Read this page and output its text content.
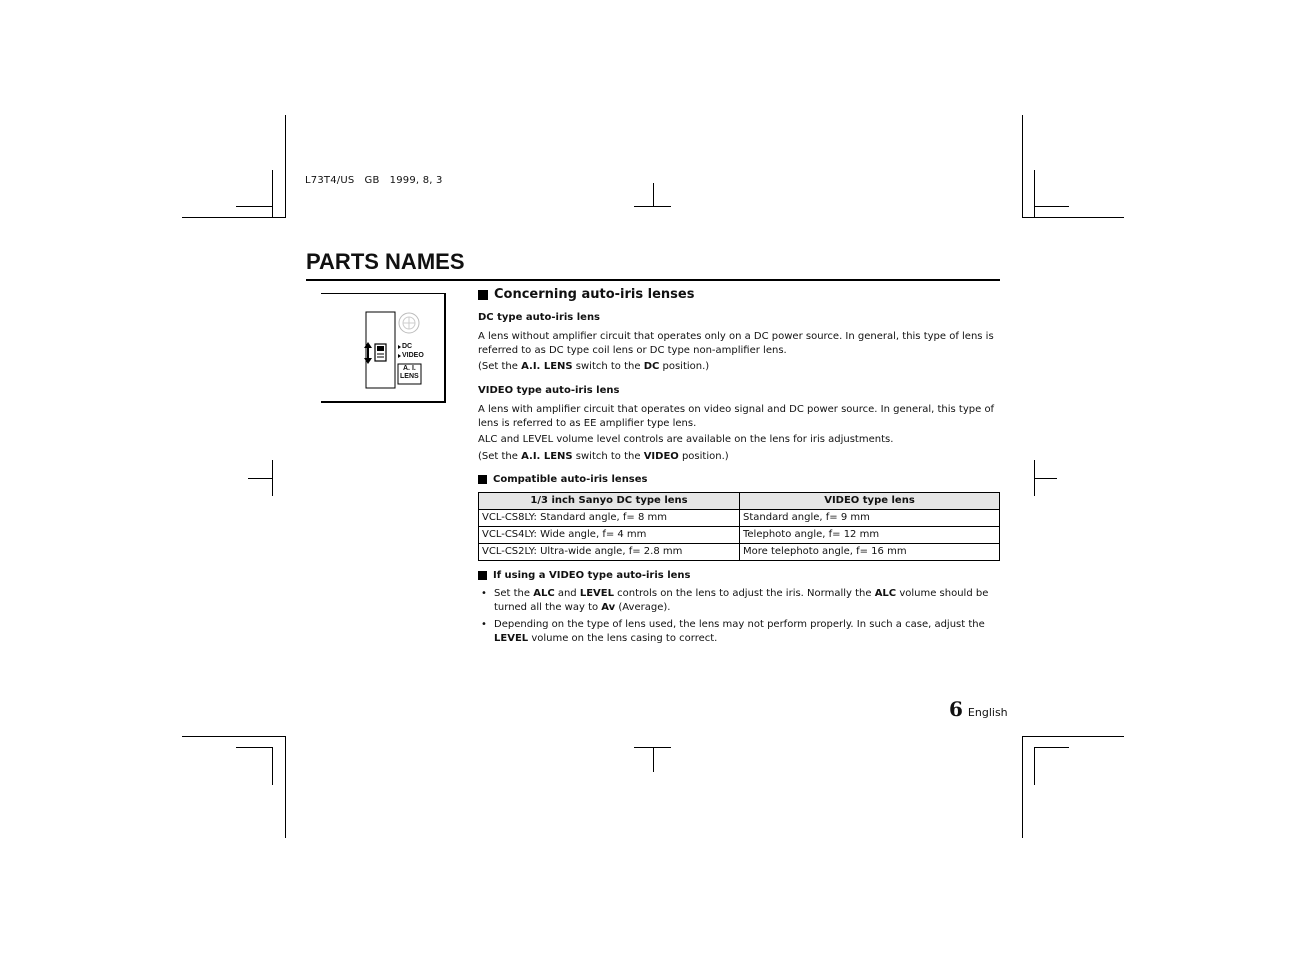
L73T4/US   GB   1999, 8, 3
PARTS NAMES
DC
VIDEO
A. I.
LENS
Concerning auto-iris lenses
DC type auto-iris lens

A lens without amplifier circuit that operates only on a DC power source. In general, this type of lens is referred to as DC type coil lens or DC type non-amplifier lens.

(Set the A.I. LENS switch to the DC position.)

VIDEO type auto-iris lens

A lens with amplifier circuit that operates on video signal and DC power source. In general, this type of lens is referred to as EE amplifier type lens.

ALC and LEVEL volume level controls are available on the lens for iris adjustments.

(Set the A.I. LENS switch to the VIDEO position.)

Compatible auto-iris lenses
1/3 inch Sanyo DC type lens	VIDEO type lens
VCL-CS8LY: Standard angle, f= 8 mm	Standard angle, f= 9 mm
VCL-CS4LY: Wide angle, f= 4 mm	Telephoto angle, f= 12 mm
VCL-CS2LY: Ultra-wide angle, f= 2.8 mm	More telephoto angle, f= 16 mm
If using a VIDEO type auto-iris lens
• Set the ALC and LEVEL controls on the lens to adjust the iris. Normally the ALC volume should be turned all the way to Av (Average).
• Depending on the type of lens used, the lens may not perform properly. In such a case, adjust the LEVEL volume on the lens casing to correct.
6 English
